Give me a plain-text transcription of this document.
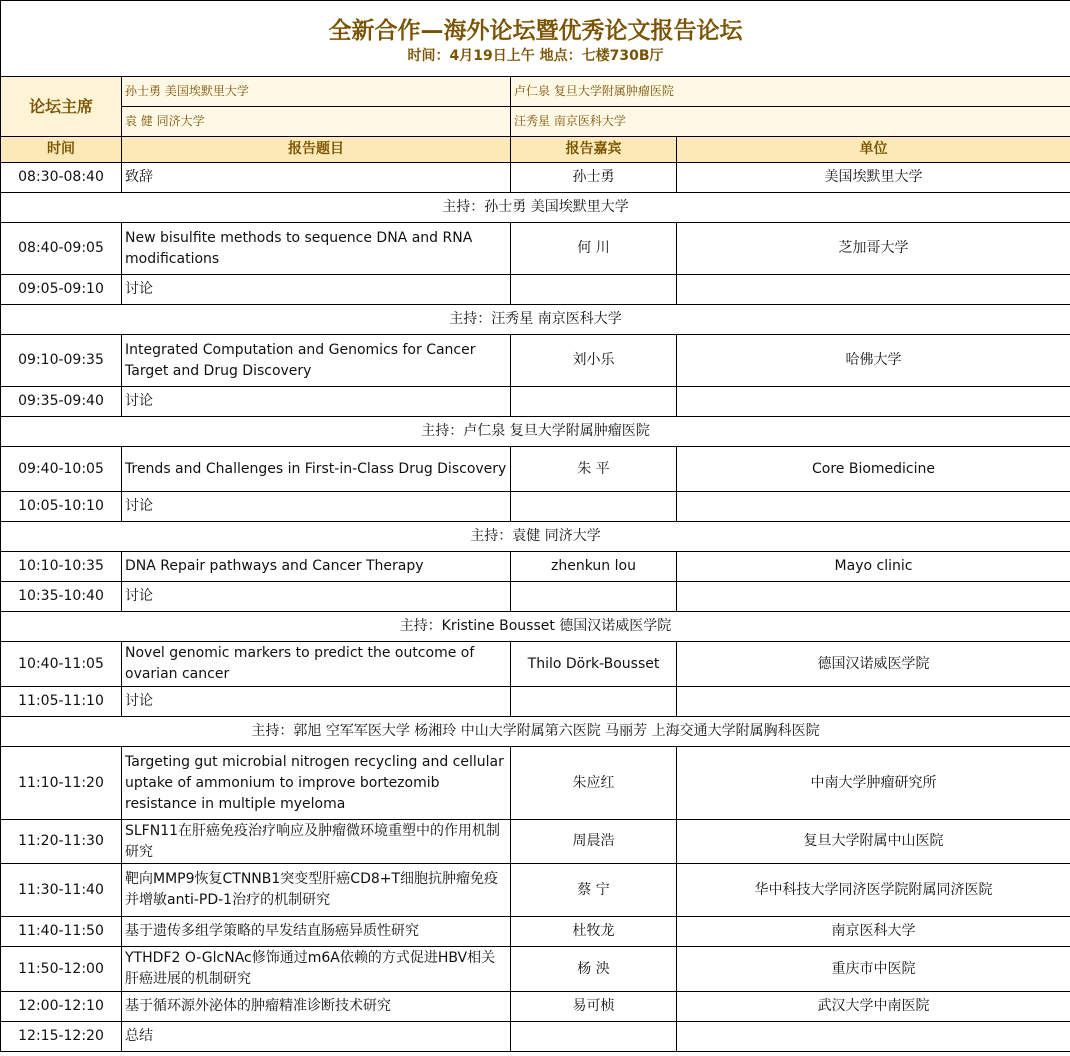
全新合作—海外论坛暨优秀论文报告论坛
时间：4月19日上午 地点：七楼730B厅			

论坛主席	孙士勇 美国埃默里大学	卢仁泉 复旦大学附属肿瘤医院	
	袁 健 同济大学	汪秀星 南京医科大学	
时间	报告题目	报告嘉宾	单位
08:30-08:40	致辞	孙士勇	美国埃默里大学
主持：孙士勇 美国埃默里大学			
08:40-09:05	New bisulfite methods to sequence DNA and RNA modifications	何 川	芝加哥大学
09:05-09:10	讨论		
主持：汪秀星 南京医科大学			
09:10-09:35	Integrated Computation and Genomics for Cancer Target and Drug Discovery	刘小乐	哈佛大学
09:35-09:40	讨论		
主持：卢仁泉 复旦大学附属肿瘤医院			
09:40-10:05	Trends and Challenges in First-in-Class Drug Discovery	朱 平	Core Biomedicine
10:05-10:10	讨论		
主持：袁健 同济大学			
10:10-10:35	DNA Repair pathways and Cancer Therapy	zhenkun lou	Mayo clinic
10:35-10:40	讨论		
主持：Kristine Bousset 德国汉诺威医学院			
10:40-11:05	Novel genomic markers to predict the outcome of ovarian cancer	Thilo Dörk-Bousset	德国汉诺威医学院
11:05-11:10	讨论		
主持：郭旭 空军军医大学 杨湘玲 中山大学附属第六医院 马丽芳 上海交通大学附属胸科医院			
11:10-11:20	Targeting gut microbial nitrogen recycling and cellular uptake of ammonium to improve bortezomib resistance in multiple myeloma	朱应红	中南大学肿瘤研究所
11:20-11:30	SLFN11在肝癌免疫治疗响应及肿瘤微环境重塑中的作用机制研究	周晨浩	复旦大学附属中山医院
11:30-11:40	靶向MMP9恢复CTNNB1突变型肝癌CD8+T细胞抗肿瘤免疫并增敏anti-PD-1治疗的机制研究	蔡 宁	华中科技大学同济医学院附属同济医院
11:40-11:50	基于遗传多组学策略的早发结直肠癌异质性研究	杜牧龙	南京医科大学
11:50-12:00	YTHDF2 O-GlcNAc修饰通过m6A依赖的方式促进HBV相关肝癌进展的机制研究	杨 泱	重庆市中医院
12:00-12:10	基于循环源外泌体的肿瘤精准诊断技术研究	易可桢	武汉大学中南医院
12:15-12:20	总结		
